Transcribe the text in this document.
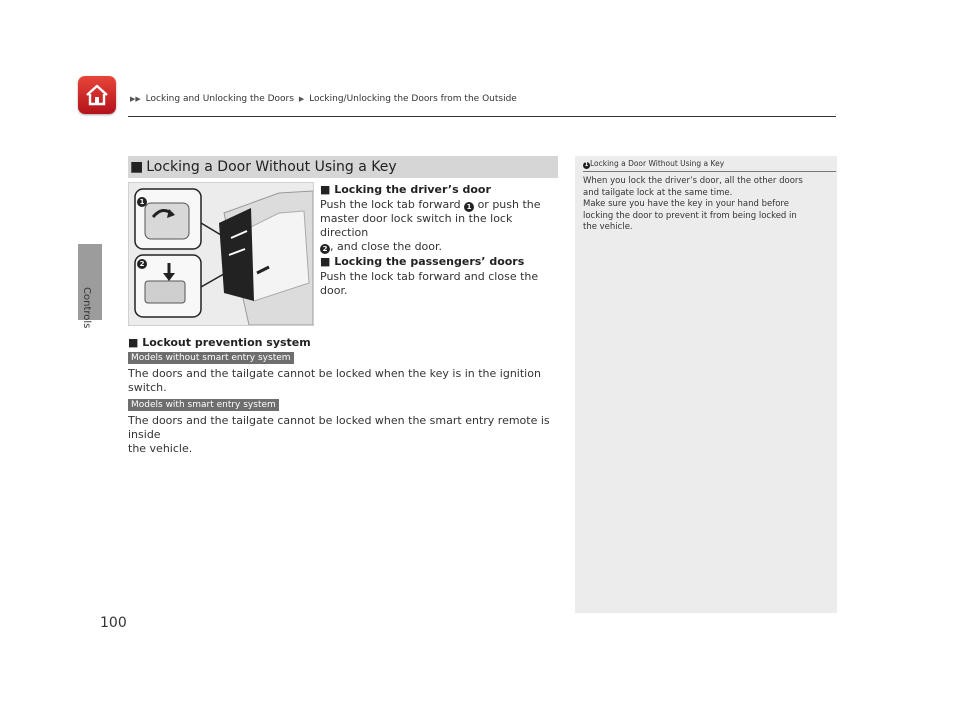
▶▶ Locking and Unlocking the Doors ▶ Locking/Unlocking the Doors from the Outside
Controls
■ Locking a Door Without Using a Key
1
2
■ Locking the driver’s door
Push the lock tab forward 1 or push the
master door lock switch in the lock direction
2 , and close the door.
■ Locking the passengers’ doors
Push the lock tab forward and close the door.
■ Lockout prevention system
Models without smart entry system
The doors and the tailgate cannot be locked when the key is in the ignition switch.
Models with smart entry system
The doors and the tailgate cannot be locked when the smart entry remote is inside
the vehicle.
1 Locking a Door Without Using a Key

When you lock the driver’s door, all the other doors

and tailgate lock at the same time.

Make sure you have the key in your hand before

locking the door to prevent it from being locked in

the vehicle.

100
